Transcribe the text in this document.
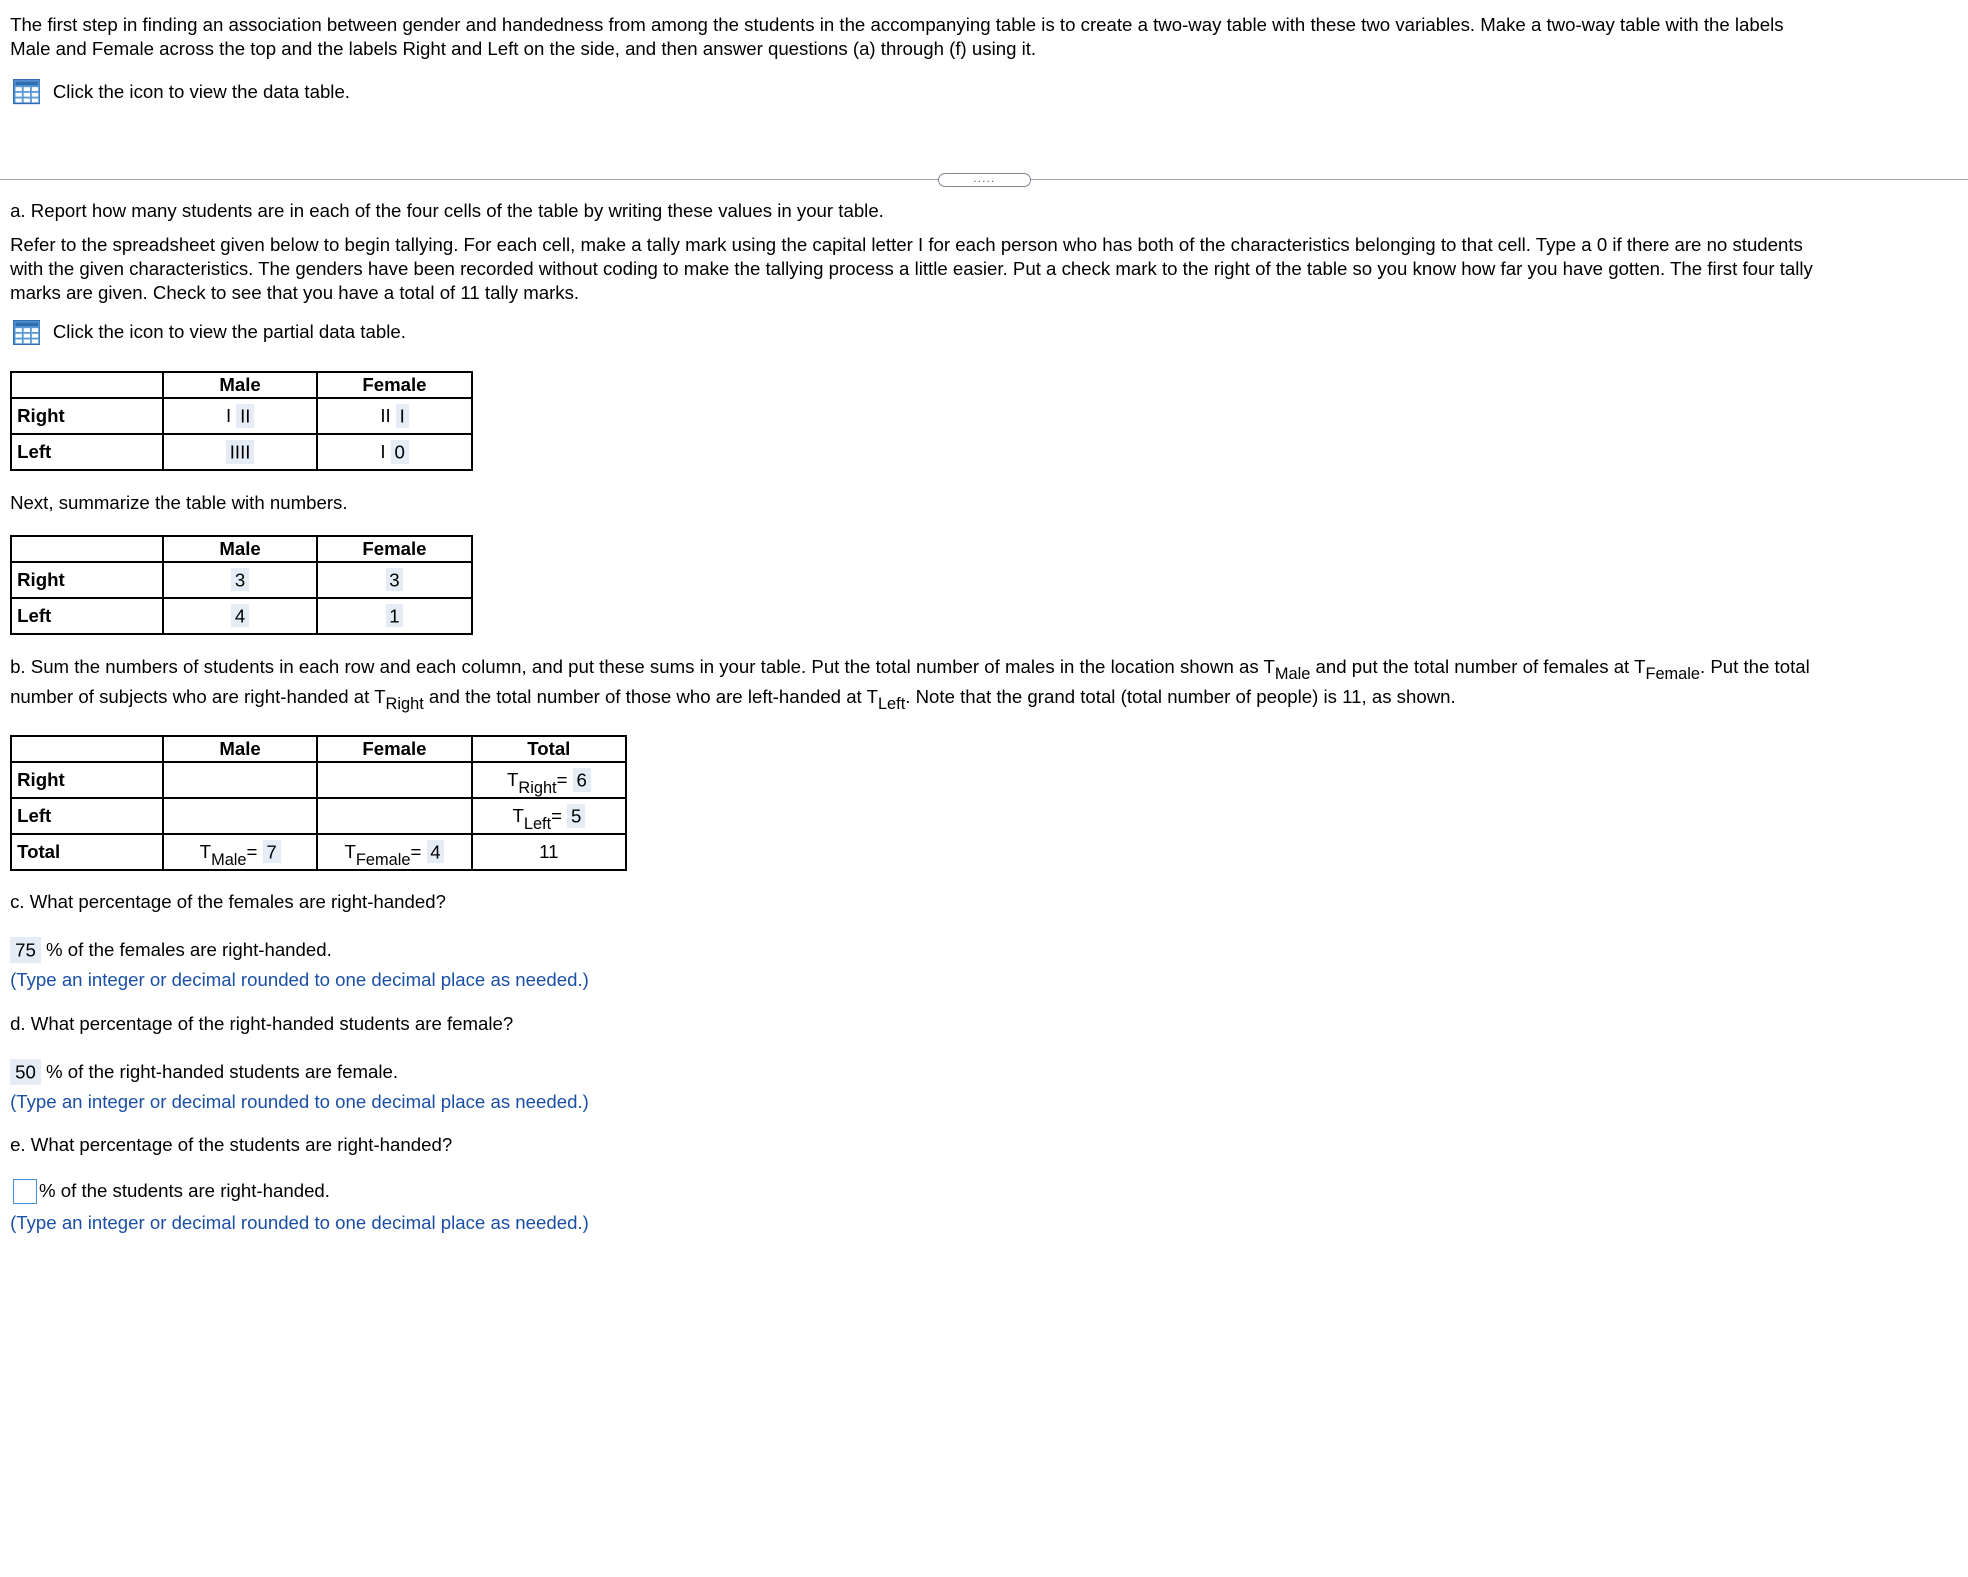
The first step in finding an association between gender and handedness from among the students in the accompanying table is to create a two-way table with these two variables. Make a two-way table with the labels

Male and Female across the top and the labels Right and Left on the side, and then answer questions (a) through (f) using it.

Click the icon to view the data table.
.....

a. Report how many students are in each of the four cells of the table by writing these values in your table.

Refer to the spreadsheet given below to begin tallying. For each cell, make a tally mark using the capital letter I for each person who has both of the characteristics belonging to that cell. Type a 0 if there are no students

with the given characteristics. The genders have been recorded without coding to make the tallying process a little easier. Put a check mark to the right of the table so you know how far you have gotten. The first four tally

marks are given. Check to see that you have a total of 11 tally marks.

Click the icon to view the partial data table.
	Male	Female
Right	I II	II I
Left	IIII	I 0

Next, summarize the table with numbers.

	Male	Female
Right	3	3
Left	4	1

b. Sum the numbers of students in each row and each column, and put these sums in your table. Put the total number of males in the location shown as TMale and put the total number of females at TFemale. Put the total

number of subjects who are right-handed at TRight and the total number of those who are left-handed at TLeft. Note that the grand total (total number of people) is 11, as shown.

	Male	Female	Total
Right			TRight= 6
Left			TLeft= 5
Total	TMale= 7	TFemale= 4	11

c. What percentage of the females are right-handed?

75 % of the females are right-handed.

(Type an integer or decimal rounded to one decimal place as needed.)

d. What percentage of the right-handed students are female?

50 % of the right-handed students are female.

(Type an integer or decimal rounded to one decimal place as needed.)

e. What percentage of the students are right-handed?

% of the students are right-handed.

(Type an integer or decimal rounded to one decimal place as needed.)
